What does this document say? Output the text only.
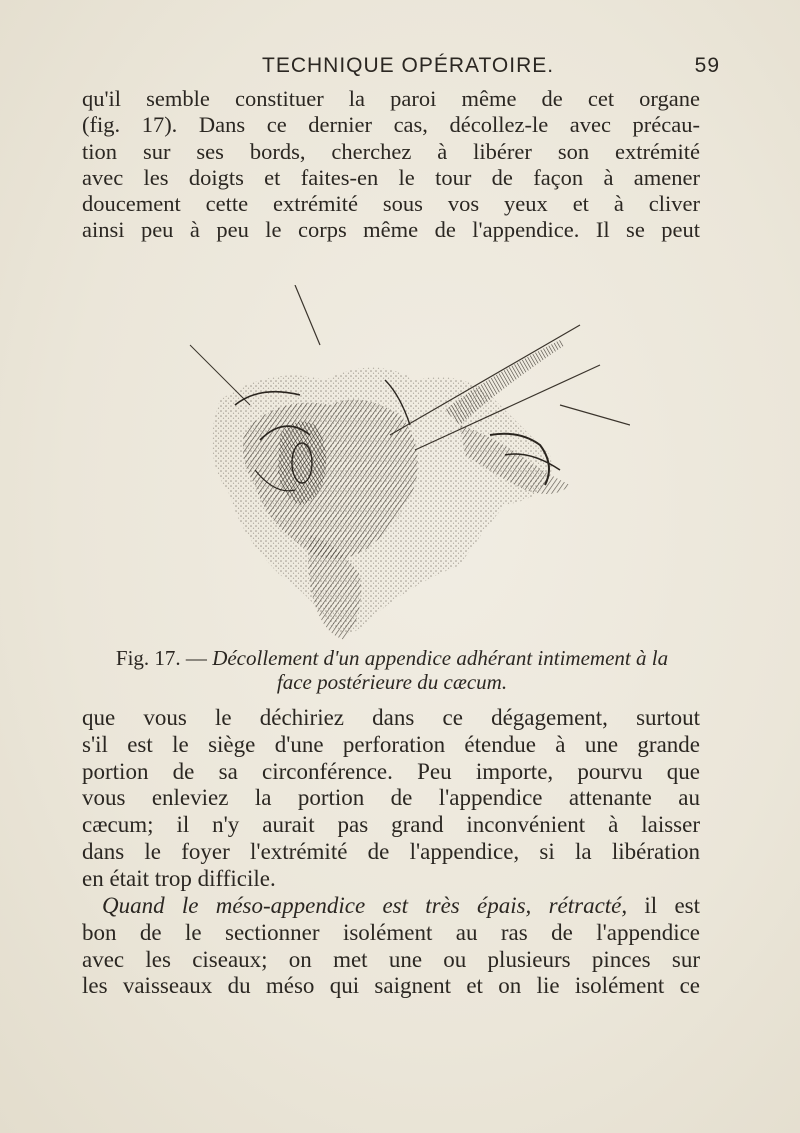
TECHNIQUE OPÉRATOIRE.	59
qu'il semble constituer la paroi même de cet organe
(fig. 17). Dans ce dernier cas, décollez-le avec précau-
tion sur ses bords, cherchez à libérer son extrémité
avec les doigts et faites-en le tour de façon à amener
doucement cette extrémité sous vos yeux et à cliver
ainsi peu à peu le corps même de l'appendice. Il se peut
Fig. 17. — Décollement d'un appendice adhérant intimement à la
face postérieure du cæcum.
que vous le déchiriez dans ce dégagement, surtout
s'il est le siège d'une perforation étendue à une grande
portion de sa circonférence. Peu importe, pourvu que
vous enleviez la portion de l'appendice attenante au
cæcum; il n'y aurait pas grand inconvénient à laisser
dans le foyer l'extrémité de l'appendice, si la libération
en était trop difficile.
Quand le méso-appendice est très épais, rétracté, il est
bon de le sectionner isolément au ras de l'appendice
avec les ciseaux; on met une ou plusieurs pinces sur
les vaisseaux du méso qui saignent et on lie isolément ce
